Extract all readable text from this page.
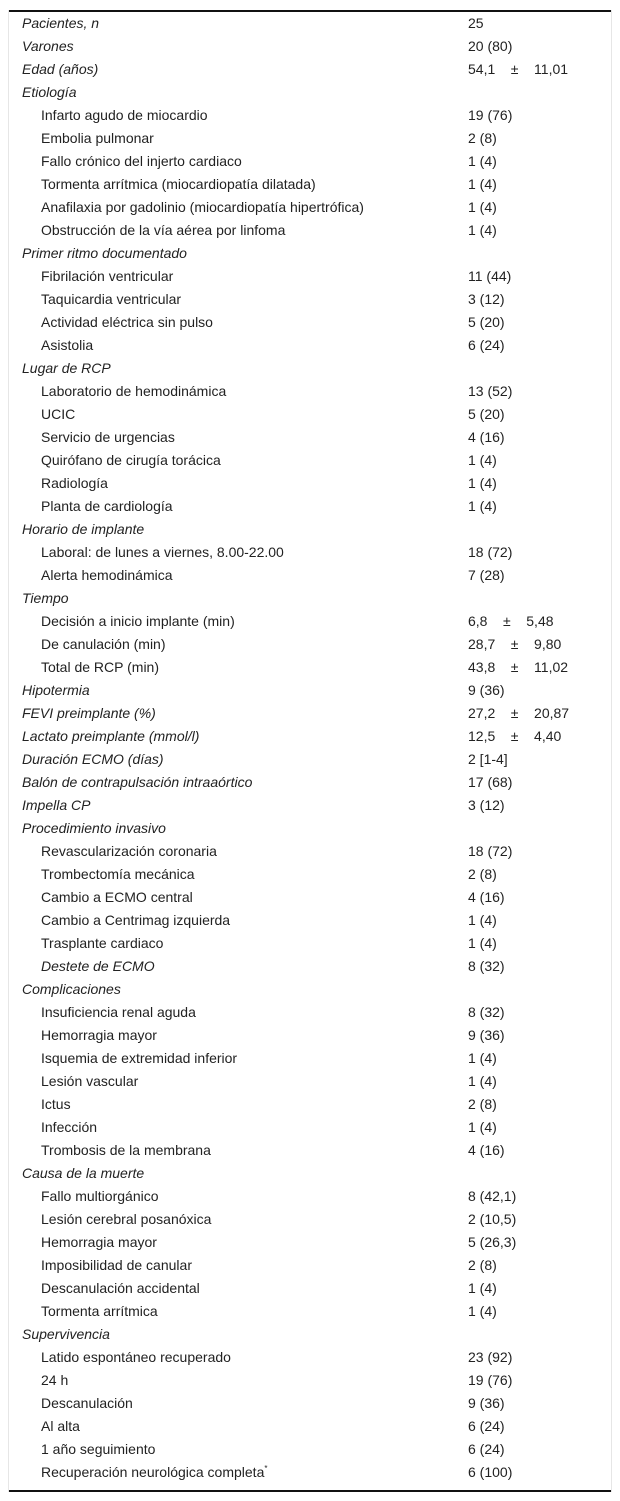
Pacientes, n	25
Varones	20 (80)
Edad (años)	54,1    ±    11,01
Etiología	
Infarto agudo de miocardio	19 (76)
Embolia pulmonar	2 (8)
Fallo crónico del injerto cardiaco	1 (4)
Tormenta arrítmica (miocardiopatía dilatada)	1 (4)
Anafilaxia por gadolinio (miocardiopatía hipertrófica)	1 (4)
Obstrucción de la vía aérea por linfoma	1 (4)
Primer ritmo documentado	
Fibrilación ventricular	11 (44)
Taquicardia ventricular	3 (12)
Actividad eléctrica sin pulso	5 (20)
Asistolia	6 (24)
Lugar de RCP	
Laboratorio de hemodinámica	13 (52)
UCIC	5 (20)
Servicio de urgencias	4 (16)
Quirófano de cirugía torácica	1 (4)
Radiología	1 (4)
Planta de cardiología	1 (4)
Horario de implante	
Laboral: de lunes a viernes, 8.00-22.00	18 (72)
Alerta hemodinámica	7 (28)
Tiempo	
Decisión a inicio implante (min)	6,8    ±    5,48
De canulación (min)	28,7    ±    9,80
Total de RCP (min)	43,8    ±    11,02
Hipotermia	9 (36)
FEVI preimplante (%)	27,2    ±    20,87
Lactato preimplante (mmol/l)	12,5    ±    4,40
Duración ECMO (días)	2 [1-4]
Balón de contrapulsación intraaórtico	17 (68)
Impella CP	3 (12)
Procedimiento invasivo	
Revascularización coronaria	18 (72)
Trombectomía mecánica	2 (8)
Cambio a ECMO central	4 (16)
Cambio a Centrimag izquierda	1 (4)
Trasplante cardiaco	1 (4)
Destete de ECMO	8 (32)
Complicaciones	
Insuficiencia renal aguda	8 (32)
Hemorragia mayor	9 (36)
Isquemia de extremidad inferior	1 (4)
Lesión vascular	1 (4)
Ictus	2 (8)
Infección	1 (4)
Trombosis de la membrana	4 (16)
Causa de la muerte	
Fallo multiorgánico	8 (42,1)
Lesión cerebral posanóxica	2 (10,5)
Hemorragia mayor	5 (26,3)
Imposibilidad de canular	2 (8)
Descanulación accidental	1 (4)
Tormenta arrítmica	1 (4)
Supervivencia	
Latido espontáneo recuperado	23 (92)
24 h	19 (76)
Descanulación	9 (36)
Al alta	6 (24)
1 año seguimiento	6 (24)
Recuperación neurológica completa*	6 (100)
